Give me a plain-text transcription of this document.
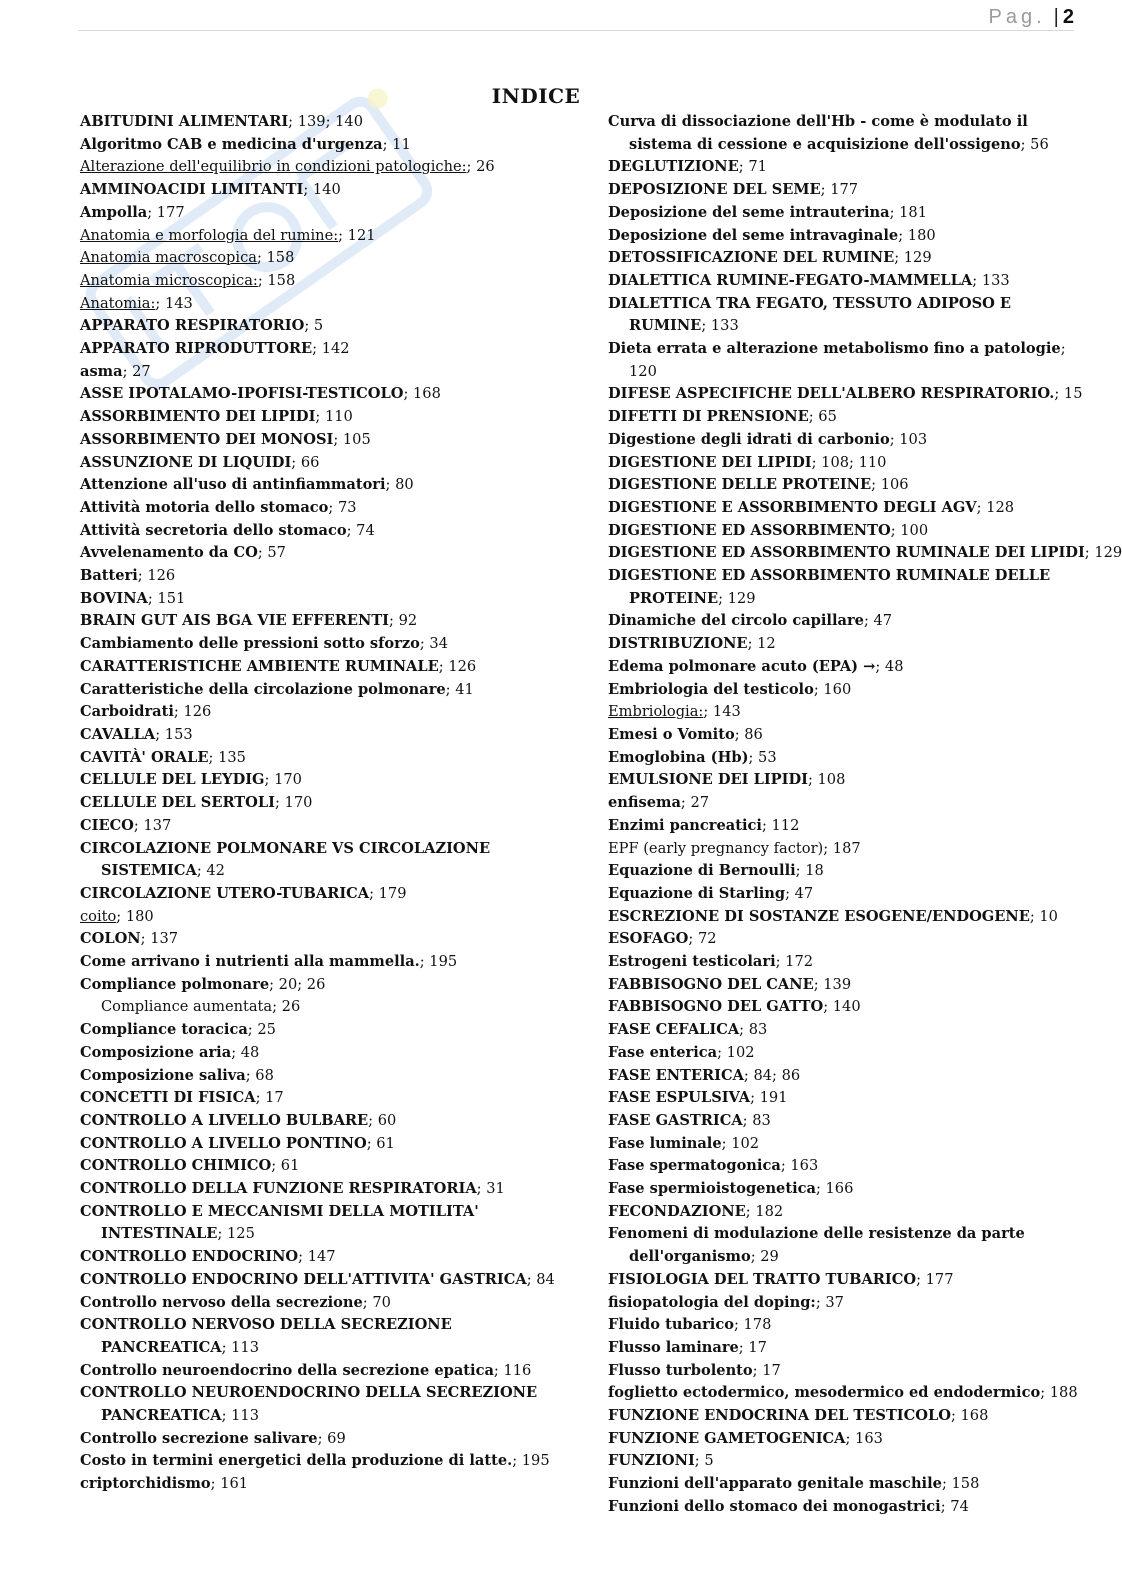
Pag. | 2
INDICE
ABITUDINI ALIMENTARI; 139; 140
Algoritmo CAB e medicina d'urgenza; 11
Alterazione dell'equilibrio in condizioni patologiche:; 26
AMMINOACIDI LIMITANTI; 140
Ampolla; 177
Anatomia e morfologia del rumine:; 121
Anatomia macroscopica; 158
Anatomia microscopica:; 158
Anatomia:; 143
APPARATO RESPIRATORIO; 5
APPARATO RIPRODUTTORE; 142
asma; 27
ASSE IPOTALAMO-IPOFISI-TESTICOLO; 168
ASSORBIMENTO DEI LIPIDI; 110
ASSORBIMENTO DEI MONOSI; 105
ASSUNZIONE DI LIQUIDI; 66
Attenzione all'uso di antinfiammatori; 80
Attività motoria dello stomaco; 73
Attività secretoria dello stomaco; 74
Avvelenamento da CO; 57
Batteri; 126
BOVINA; 151
BRAIN GUT AIS BGA VIE EFFERENTI; 92
Cambiamento delle pressioni sotto sforzo; 34
CARATTERISTICHE AMBIENTE RUMINALE; 126
Caratteristiche della circolazione polmonare; 41
Carboidrati; 126
CAVALLA; 153
CAVITÀ' ORALE; 135
CELLULE DEL LEYDIG; 170
CELLULE DEL SERTOLI; 170
CIECO; 137
CIRCOLAZIONE POLMONARE VS CIRCOLAZIONE SISTEMICA; 42
CIRCOLAZIONE UTERO-TUBARICA; 179
coito; 180
COLON; 137
Come arrivano i nutrienti alla mammella.; 195
Compliance polmonare; 20; 26
Compliance aumentata; 26
Compliance toracica; 25
Composizione aria; 48
Composizione saliva; 68
CONCETTI DI FISICA; 17
CONTROLLO A LIVELLO BULBARE; 60
CONTROLLO A LIVELLO PONTINO; 61
CONTROLLO CHIMICO; 61
CONTROLLO DELLA FUNZIONE RESPIRATORIA; 31
CONTROLLO E MECCANISMI DELLA MOTILITA' INTESTINALE; 125
CONTROLLO ENDOCRINO; 147
CONTROLLO ENDOCRINO DELL'ATTIVITA' GASTRICA; 84
Controllo nervoso della secrezione; 70
CONTROLLO NERVOSO DELLA SECREZIONE PANCREATICA; 113
Controllo neuroendocrino della secrezione epatica; 116
CONTROLLO NEUROENDOCRINO DELLA SECREZIONE PANCREATICA; 113
Controllo secrezione salivare; 69
Costo in termini energetici della produzione di latte.; 195
criptorchidismo; 161
Curva di dissociazione dell'Hb - come è modulato il sistema di cessione e acquisizione dell'ossigeno; 56
DEGLUTIZIONE; 71
DEPOSIZIONE DEL SEME; 177
Deposizione del seme intrauterina; 181
Deposizione del seme intravaginale; 180
DETOSSIFICAZIONE DEL RUMINE; 129
DIALETTICA RUMINE-FEGATO-MAMMELLA; 133
DIALETTICA TRA FEGATO, TESSUTO ADIPOSO E RUMINE; 133
Dieta errata e alterazione metabolismo fino a patologie; 120
DIFESE ASPECIFICHE DELL'ALBERO RESPIRATORIO.; 15
DIFETTI DI PRENSIONE; 65
Digestione degli idrati di carbonio; 103
DIGESTIONE DEI LIPIDI; 108; 110
DIGESTIONE DELLE PROTEINE; 106
DIGESTIONE E ASSORBIMENTO DEGLI AGV; 128
DIGESTIONE ED ASSORBIMENTO; 100
DIGESTIONE ED ASSORBIMENTO RUMINALE DEI LIPIDI; 129
DIGESTIONE ED ASSORBIMENTO RUMINALE DELLE PROTEINE; 129
Dinamiche del circolo capillare; 47
DISTRIBUZIONE; 12
Edema polmonare acuto (EPA) →; 48
Embriologia del testicolo; 160
Embriologia:; 143
Emesi o Vomito; 86
Emoglobina (Hb); 53
EMULSIONE DEI LIPIDI; 108
enfisema; 27
Enzimi pancreatici; 112
EPF (early pregnancy factor); 187
Equazione di Bernoulli; 18
Equazione di Starling; 47
ESCREZIONE DI SOSTANZE ESOGENE/ENDOGENE; 10
ESOFAGO; 72
Estrogeni testicolari; 172
FABBISOGNO DEL CANE; 139
FABBISOGNO DEL GATTO; 140
FASE CEFALICA; 83
Fase enterica; 102
FASE ENTERICA; 84; 86
FASE ESPULSIVA; 191
FASE GASTRICA; 83
Fase luminale; 102
Fase spermatogonica; 163
Fase spermioistogenetica; 166
FECONDAZIONE; 182
Fenomeni di modulazione delle resistenze da parte dell'organismo; 29
FISIOLOGIA DEL TRATTO TUBARICO; 177
fisiopatologia del doping:; 37
Fluido tubarico; 178
Flusso laminare; 17
Flusso turbolento; 17
foglietto ectodermico, mesodermico ed endodermico; 188
FUNZIONE ENDOCRINA DEL TESTICOLO; 168
FUNZIONE GAMETOGENICA; 163
FUNZIONI; 5
Funzioni dell'apparato genitale maschile; 158
Funzioni dello stomaco dei monogastrici; 74
